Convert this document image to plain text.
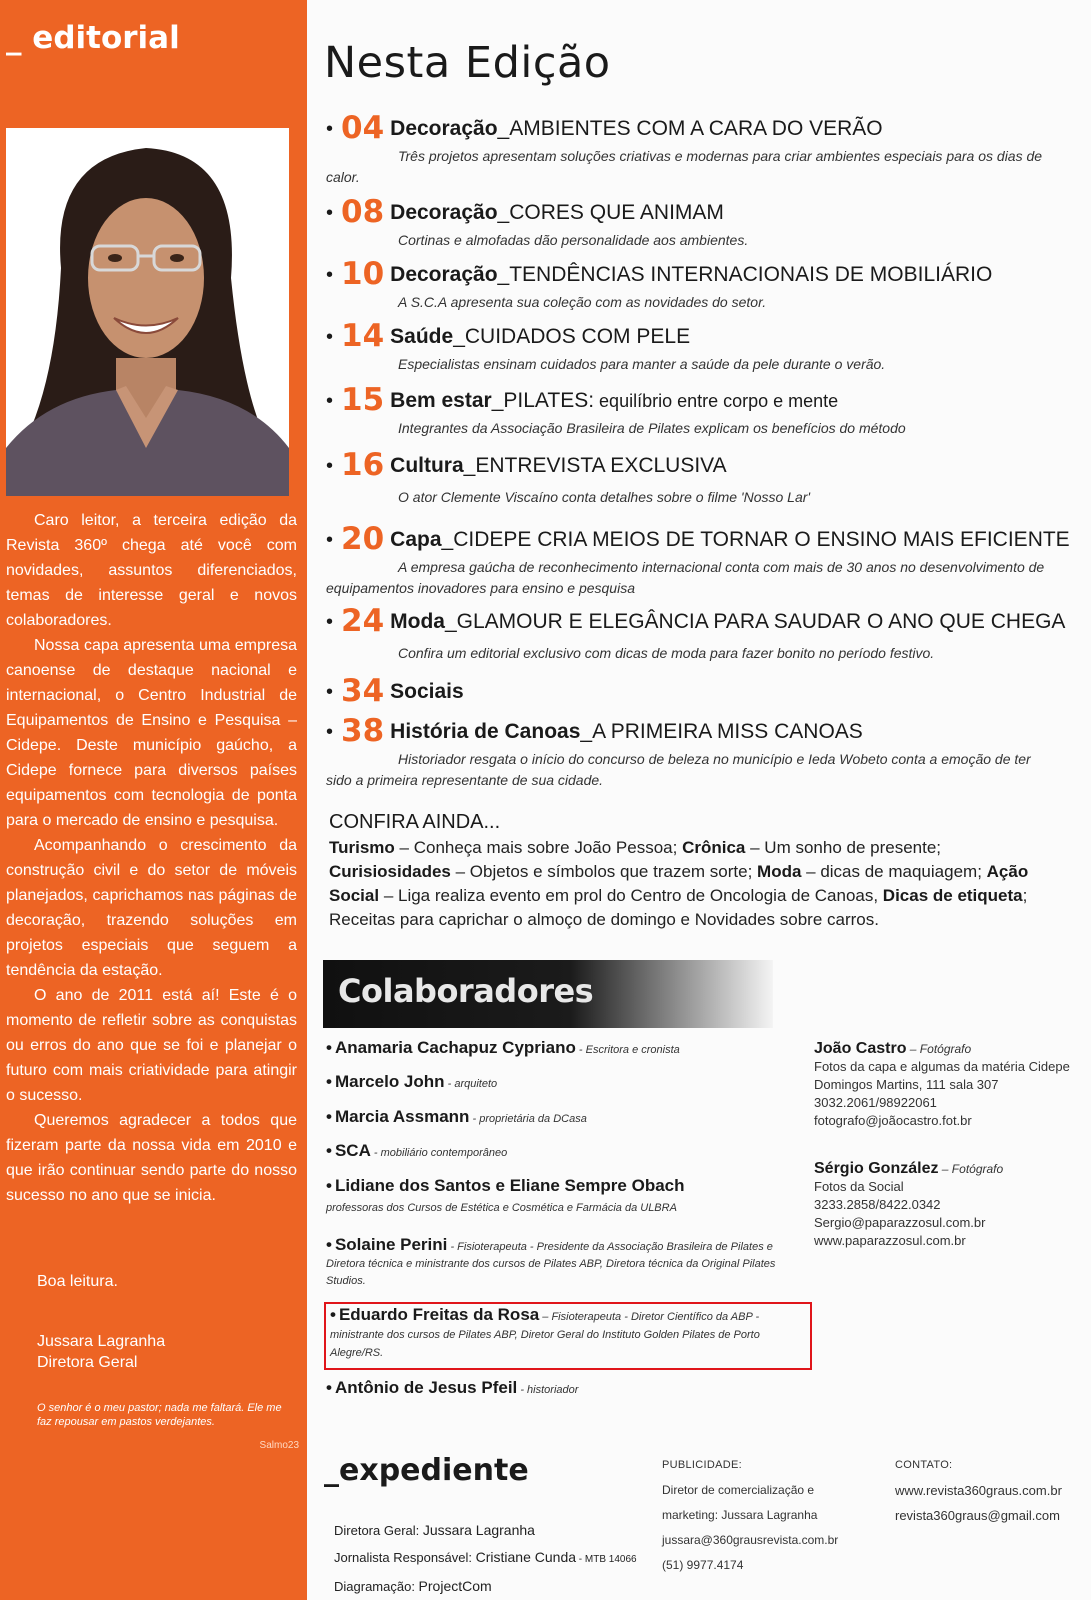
_ editorial

Caro leitor, a terceira edição da Revista 360º chega até você com novidades, assuntos diferenciados, temas de interesse geral e novos colaboradores.

Nossa capa apresenta uma empresa canoense de destaque nacional e internacional, o Centro Industrial de Equipamentos de Ensino e Pesquisa – Cidepe. Deste município gaúcho, a Cidepe fornece para diversos países equipamentos com tecnologia de ponta para o mercado de ensino e pesquisa.

Acompanhando o crescimento da construção civil e do setor de móveis planejados, caprichamos nas páginas de decoração, trazendo soluções em projetos especiais que seguem a tendência da estação.

O ano de 2011 está aí! Este é o momento de refletir sobre as conquistas ou erros do ano que se foi e planejar o futuro com mais criatividade para atingir o sucesso.

Queremos agradecer a todos que fizeram parte da nossa vida em 2010 e que irão continuar sendo parte do nosso sucesso no ano que se inicia.

Boa leitura.
Jussara Lagranha
Diretora Geral
O senhor é o meu pastor; nada me faltará. Ele me faz repousar em pastos verdejantes.
Salmo23
Nesta Edição
• 04 Decoração_AMBIENTES COM A CARA DO VERÃO
Três projetos apresentam soluções criativas e modernas para criar ambientes especiais para os dias de calor.
• 08 Decoração_CORES QUE ANIMAM
Cortinas e almofadas dão personalidade aos ambientes.
• 10 Decoração_TENDÊNCIAS INTERNACIONAIS DE MOBILIÁRIO
A S.C.A apresenta sua coleção com as novidades do setor.
• 14 Saúde_CUIDADOS COM PELE
Especialistas ensinam cuidados para manter a saúde da pele durante o verão.
• 15 Bem estar_PILATES: equilíbrio entre corpo e mente
Integrantes da Associação Brasileira de Pilates explicam os benefícios do método
• 16 Cultura_ENTREVISTA EXCLUSIVA
O ator Clemente Viscaíno conta detalhes sobre o filme 'Nosso Lar'
• 20 Capa_CIDEPE CRIA MEIOS DE TORNAR O ENSINO MAIS EFICIENTE
A empresa gaúcha de reconhecimento internacional conta com mais de 30 anos no desenvolvimento de equipamentos inovadores para ensino e pesquisa
• 24 Moda_GLAMOUR E ELEGÂNCIA PARA SAUDAR O ANO QUE CHEGA
Confira um editorial exclusivo com dicas de moda para fazer bonito no período festivo.
• 34 Sociais
• 38 História de Canoas_A PRIMEIRA MISS CANOAS
Historiador resgata o início do concurso de beleza no município e Ieda Wobeto conta a emoção de ter sido a primeira representante de sua cidade.
CONFIRA AINDA...
Turismo – Conheça mais sobre João Pessoa; Crônica – Um sonho de presente; Curisiosidades – Objetos e símbolos que trazem sorte; Moda – dicas de maquiagem; Ação Social – Liga realiza evento em prol do Centro de Oncologia de Canoas, Dicas de etiqueta; Receitas para caprichar o almoço de domingo e Novidades sobre carros.
Colaboradores
• Anamaria Cachapuz Cypriano - Escritora e cronista
• Marcelo John - arquiteto
• Marcia Assmann - proprietária da DCasa
• SCA - mobiliário contemporâneo
• Lidiane dos Santos e Eliane Sempre Obach
professoras dos Cursos de Estética e Cosmética e Farmácia da ULBRA
• Solaine Perini - Fisioterapeuta - Presidente da Associação Brasileira de Pilates e Diretora técnica e ministrante dos cursos de Pilates ABP, Diretora técnica da Original Pilates Studios.
• Eduardo Freitas da Rosa – Fisioterapeuta - Diretor Científico da ABP - ministrante dos cursos de Pilates ABP, Diretor Geral do Instituto Golden Pilates de Porto Alegre/RS.
• Antônio de Jesus Pfeil - historiador
João Castro – Fotógrafo
Fotos da capa e algumas da matéria Cidepe
Domingos Martins, 111 sala 307
3032.2061/98922061
fotografo@joãocastro.fot.br
Sérgio González – Fotógrafo
Fotos da Social
3233.2858/8422.0342
Sergio@paparazzosul.com.br
www.paparazzosul.com.br
_expediente
Diretora Geral: Jussara Lagranha
Jornalista Responsável: Cristiane Cunda - MTB 14066
Diagramação: ProjectCom
PUBLICIDADE:
Diretor de comercialização e
marketing: Jussara Lagranha
jussara@360grausrevista.com.br
(51) 9977.4174
CONTATO:
www.revista360graus.com.br
revista360graus@gmail.com
